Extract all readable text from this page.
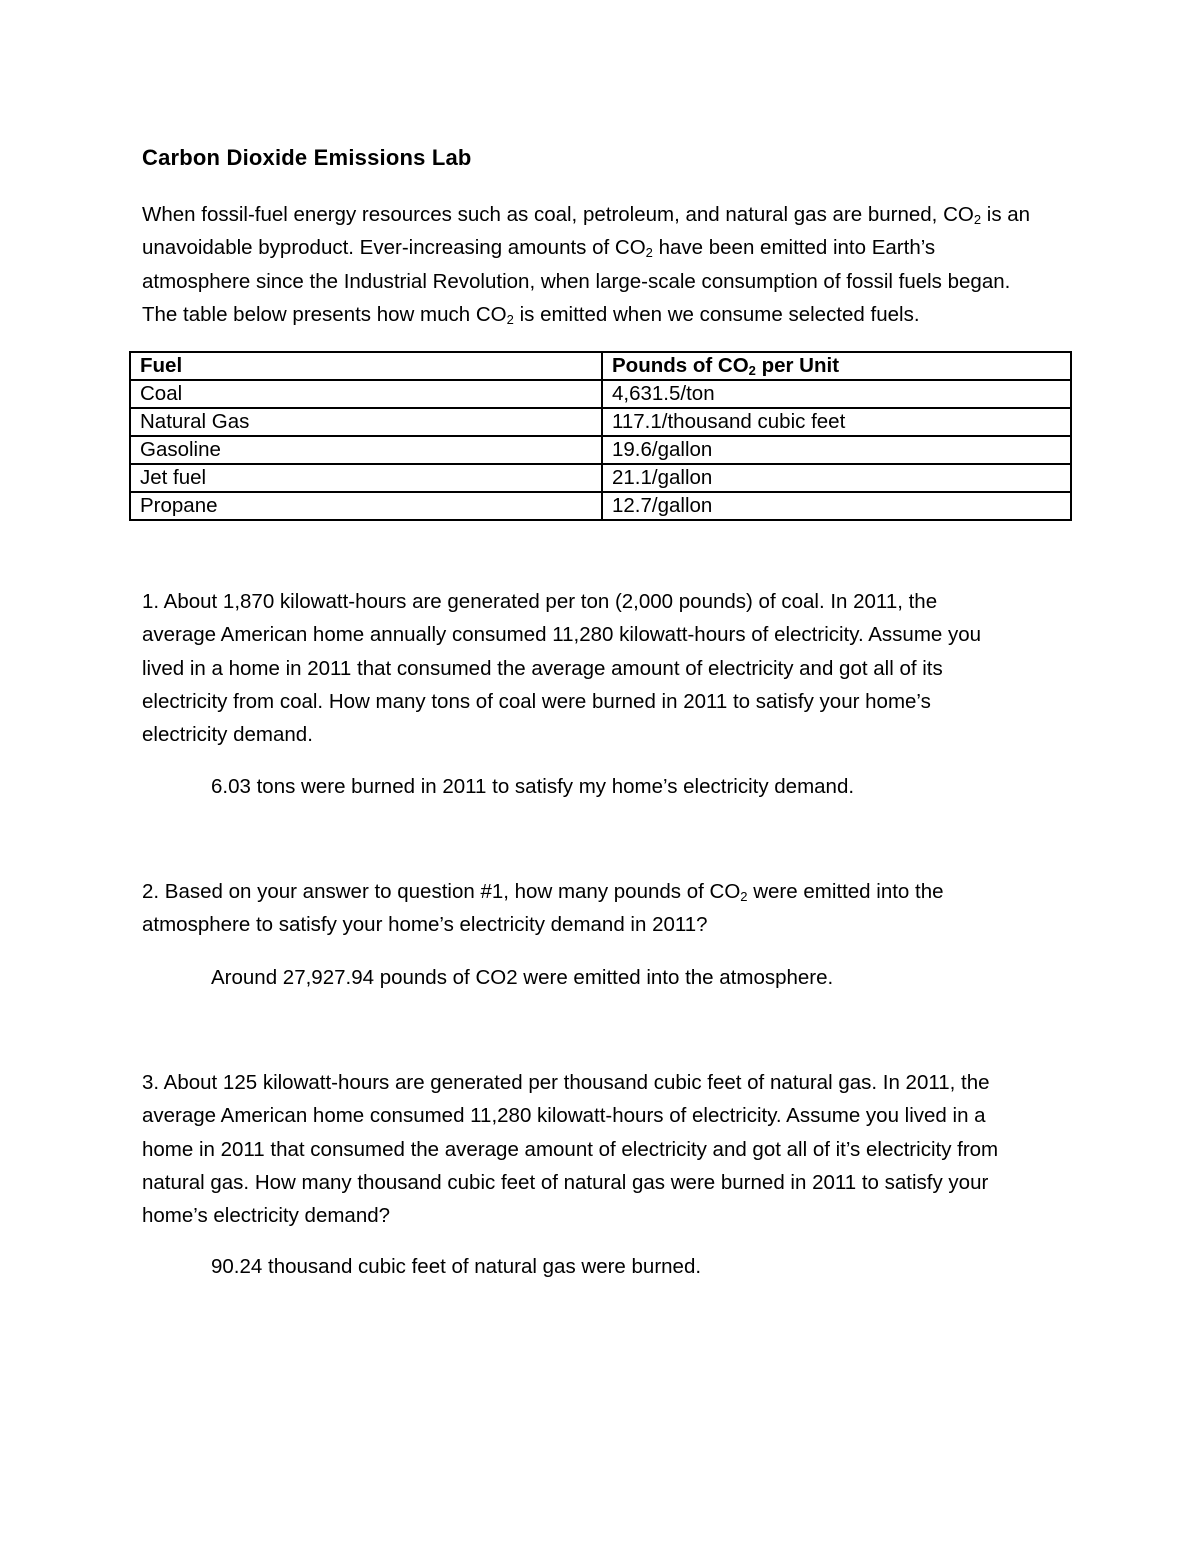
Carbon Dioxide Emissions Lab
When fossil-fuel energy resources such as coal, petroleum, and natural gas are burned, $CO_2$ is an
unavoidable byproduct. Ever-increasing amounts of $CO_2$ have been emitted into Earth’s
atmosphere since the Industrial Revolution, when large-scale consumption of fossil fuels began.
The table below presents how much $CO_2$ is emitted when we consume selected fuels.
Fuel	Pounds of $CO_2$ per Unit
Coal	4,631.5/ton
Natural Gas	117.1/thousand cubic feet
Gasoline	19.6/gallon
Jet fuel	21.1/gallon
Propane	12.7/gallon
1. About 1,870 kilowatt-hours are generated per ton (2,000 pounds) of coal. In 2011, the
average American home annually consumed 11,280 kilowatt-hours of electricity. Assume you
lived in a home in 2011 that consumed the average amount of electricity and got all of its
electricity from coal. How many tons of coal were burned in 2011 to satisfy your home’s
electricity demand.
6.03 tons were burned in 2011 to satisfy my home’s electricity demand.
2. Based on your answer to question #1, how many pounds of $CO_2$ were emitted into the
atmosphere to satisfy your home’s electricity demand in 2011?
Around 27,927.94 pounds of CO2 were emitted into the atmosphere.
3. About 125 kilowatt-hours are generated per thousand cubic feet of natural gas. In 2011, the
average American home consumed 11,280 kilowatt-hours of electricity. Assume you lived in a
home in 2011 that consumed the average amount of electricity and got all of it’s electricity from
natural gas. How many thousand cubic feet of natural gas were burned in 2011 to satisfy your
home’s electricity demand?
90.24 thousand cubic feet of natural gas were burned.
